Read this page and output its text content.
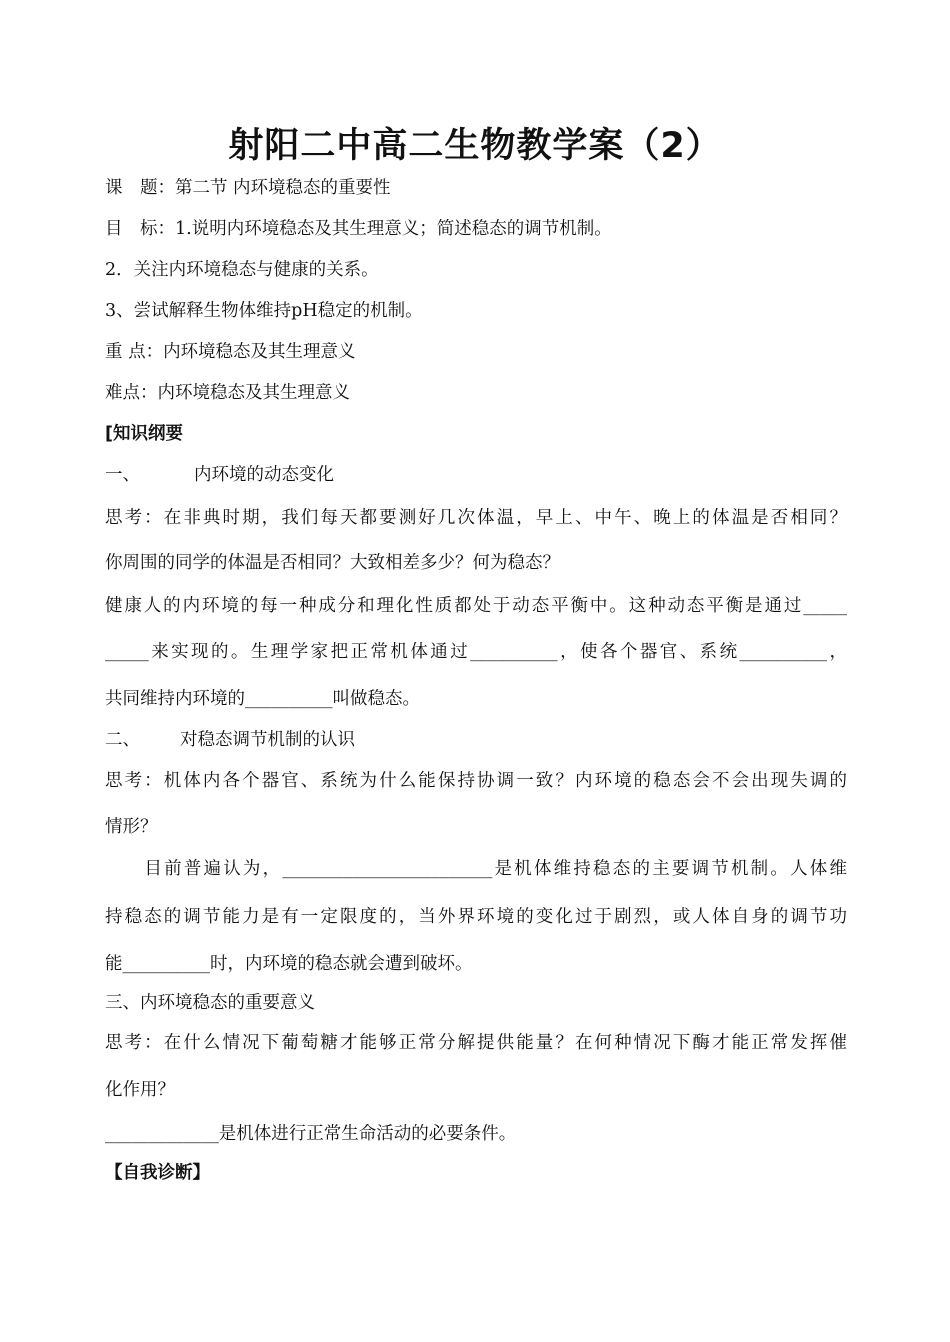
射阳二中高二生物教学案（2）
课　题：第二节 内环境稳态的重要性
目　标：1.说明内环境稳态及其生理意义；简述稳态的调节机制。
2．关注内环境稳态与健康的关系。
3、尝试解释生物体维持pH稳定的机制。
重 点：内环境稳态及其生理意义
难点：内环境稳态及其生理意义
[知识纲要
一、	内环境的动态变化
思考：在非典时期，我们每天都要测好几次体温，早上、中午、晚上的体温是否相同？
你周围的同学的体温是否相同？大致相差多少？何为稳态？
健康人的内环境的每一种成分和理化性质都处于动态平衡中。这种动态平衡是通过_____
_____来实现的。生理学家把正常机体通过__________，使各个器官、系统__________，
共同维持内环境的__________叫做稳态。
二、 对稳态调节机制的认识
思考：机体内各个器官、系统为什么能保持协调一致？内环境的稳态会不会出现失调的
情形？
　　目前普遍认为，________________________是机体维持稳态的主要调节机制。人体维
持稳态的调节能力是有一定限度的，当外界环境的变化过于剧烈，或人体自身的调节功
能__________时，内环境的稳态就会遭到破坏。
三、内环境稳态的重要意义
思考：在什么情况下葡萄糖才能够正常分解提供能量？在何种情况下酶才能正常发挥催
化作用？
_____________是机体进行正常生命活动的必要条件。
【自我诊断】
